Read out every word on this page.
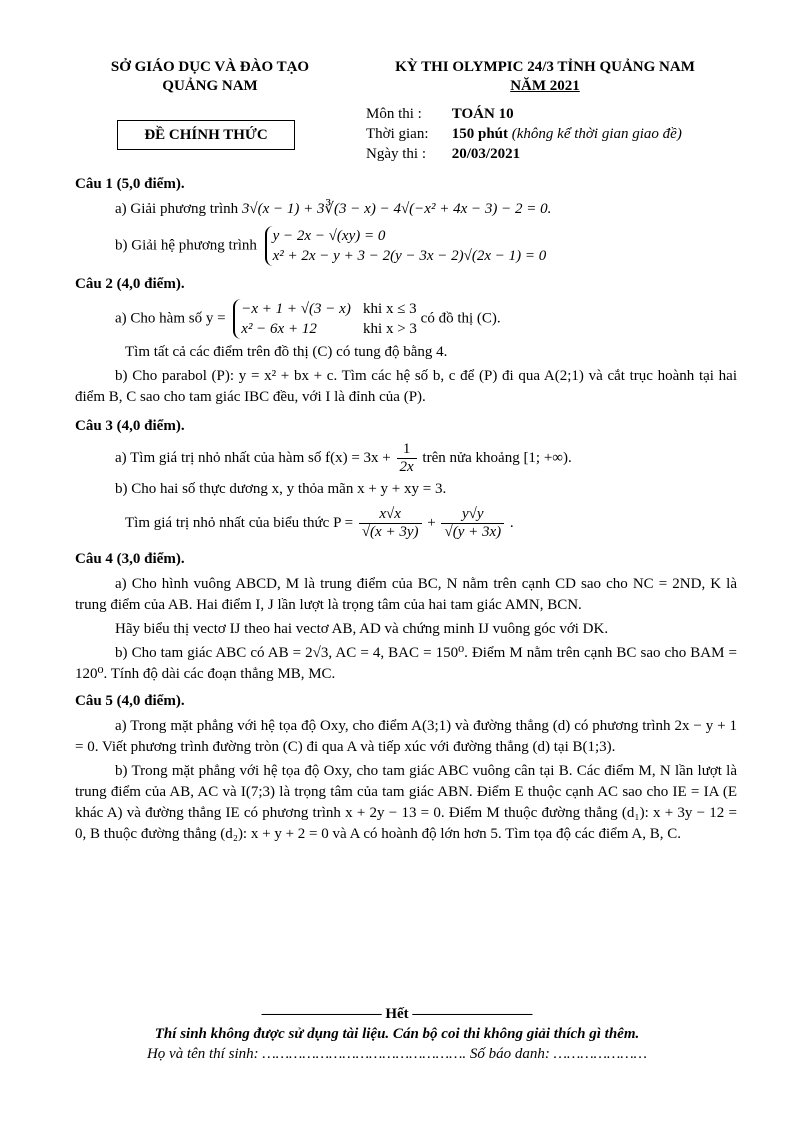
SỞ GIÁO DỤC VÀ ĐÀO TẠO
QUẢNG NAM
KỲ THI OLYMPIC 24/3 TỈNH QUẢNG NAM
NĂM 2021
ĐỀ CHÍNH THỨC
Môn thi : TOÁN 10
Thời gian: 150 phút (không kể thời gian giao đề)
Ngày thi : 20/03/2021
Câu 1 (5,0 điểm).
a) Giải phương trình 3√(x − 1) + 3∛(3 − x) − 4√(−x² + 4x − 3) − 2 = 0.
b) Giải hệ phương trình
y − 2x − √(xy) = 0
x² + 2x − y + 3 − 2(y − 3x − 2)√(2x − 1) = 0
Câu 2 (4,0 điểm).
a) Cho hàm số y =
−x + 1 + √(3 − x) khi x ≤ 3
x² − 6x + 12	khi x > 3
có đồ thị (C).
Tìm tất cả các điểm trên đồ thị (C) có tung độ bằng 4.
b) Cho parabol (P): y = x² + bx + c. Tìm các hệ số b, c để (P) đi qua A(2;1) và cắt trục hoành tại hai điểm B, C sao cho tam giác IBC đều, với I là đỉnh của (P).
Câu 3 (4,0 điểm).
a) Tìm giá trị nhỏ nhất của hàm số $f(x) = 3x + \frac{1}{2x}$ trên nửa khoảng [1; +∞).
b) Cho hai số thực dương x, y thỏa mãn x + y + xy = 3.
Tìm giá trị nhỏ nhất của biểu thức $P = \frac{x√x}{√(x + 3y)} + \frac{y√y}{√(y + 3x)}$ .
Câu 4 (3,0 điểm).
a) Cho hình vuông ABCD, M là trung điểm của BC, N nằm trên cạnh CD sao cho NC = 2ND, K là trung điểm của AB. Hai điểm I, J lần lượt là trọng tâm của hai tam giác AMN, BCN.
Hãy biểu thị vectơ IJ theo hai vectơ AB, AD và chứng minh IJ vuông góc với DK.
b) Cho tam giác ABC có AB = 2√3, AC = 4, BAC = 150⁰. Điểm M nằm trên cạnh BC sao cho BAM = 120⁰. Tính độ dài các đoạn thẳng MB, MC.
Câu 5 (4,0 điểm).
a) Trong mặt phẳng với hệ tọa độ Oxy, cho điểm A(3;1) và đường thẳng (d) có phương trình 2x − y + 1 = 0. Viết phương trình đường tròn (C) đi qua A và tiếp xúc với đường thẳng (d) tại B(1;3).
b) Trong mặt phẳng với hệ tọa độ Oxy, cho tam giác ABC vuông cân tại B. Các điểm M, N lần lượt là trung điểm của AB, AC và I(7;3) là trọng tâm của tam giác ABN. Điểm E thuộc cạnh AC sao cho IE = IA (E khác A) và đường thẳng IE có phương trình x + 2y − 13 = 0. Điểm M thuộc đường thẳng (d₁): x + 3y − 12 = 0, B thuộc đường thẳng (d₂): x + y + 2 = 0 và A có hoành độ lớn hơn 5. Tìm tọa độ các điểm A, B, C.
———————— Hết ————————
Thí sinh không được sử dụng tài liệu. Cán bộ coi thi không giải thích gì thêm.
Họ và tên thí sinh: ………………………………………. Số báo danh: …………………
